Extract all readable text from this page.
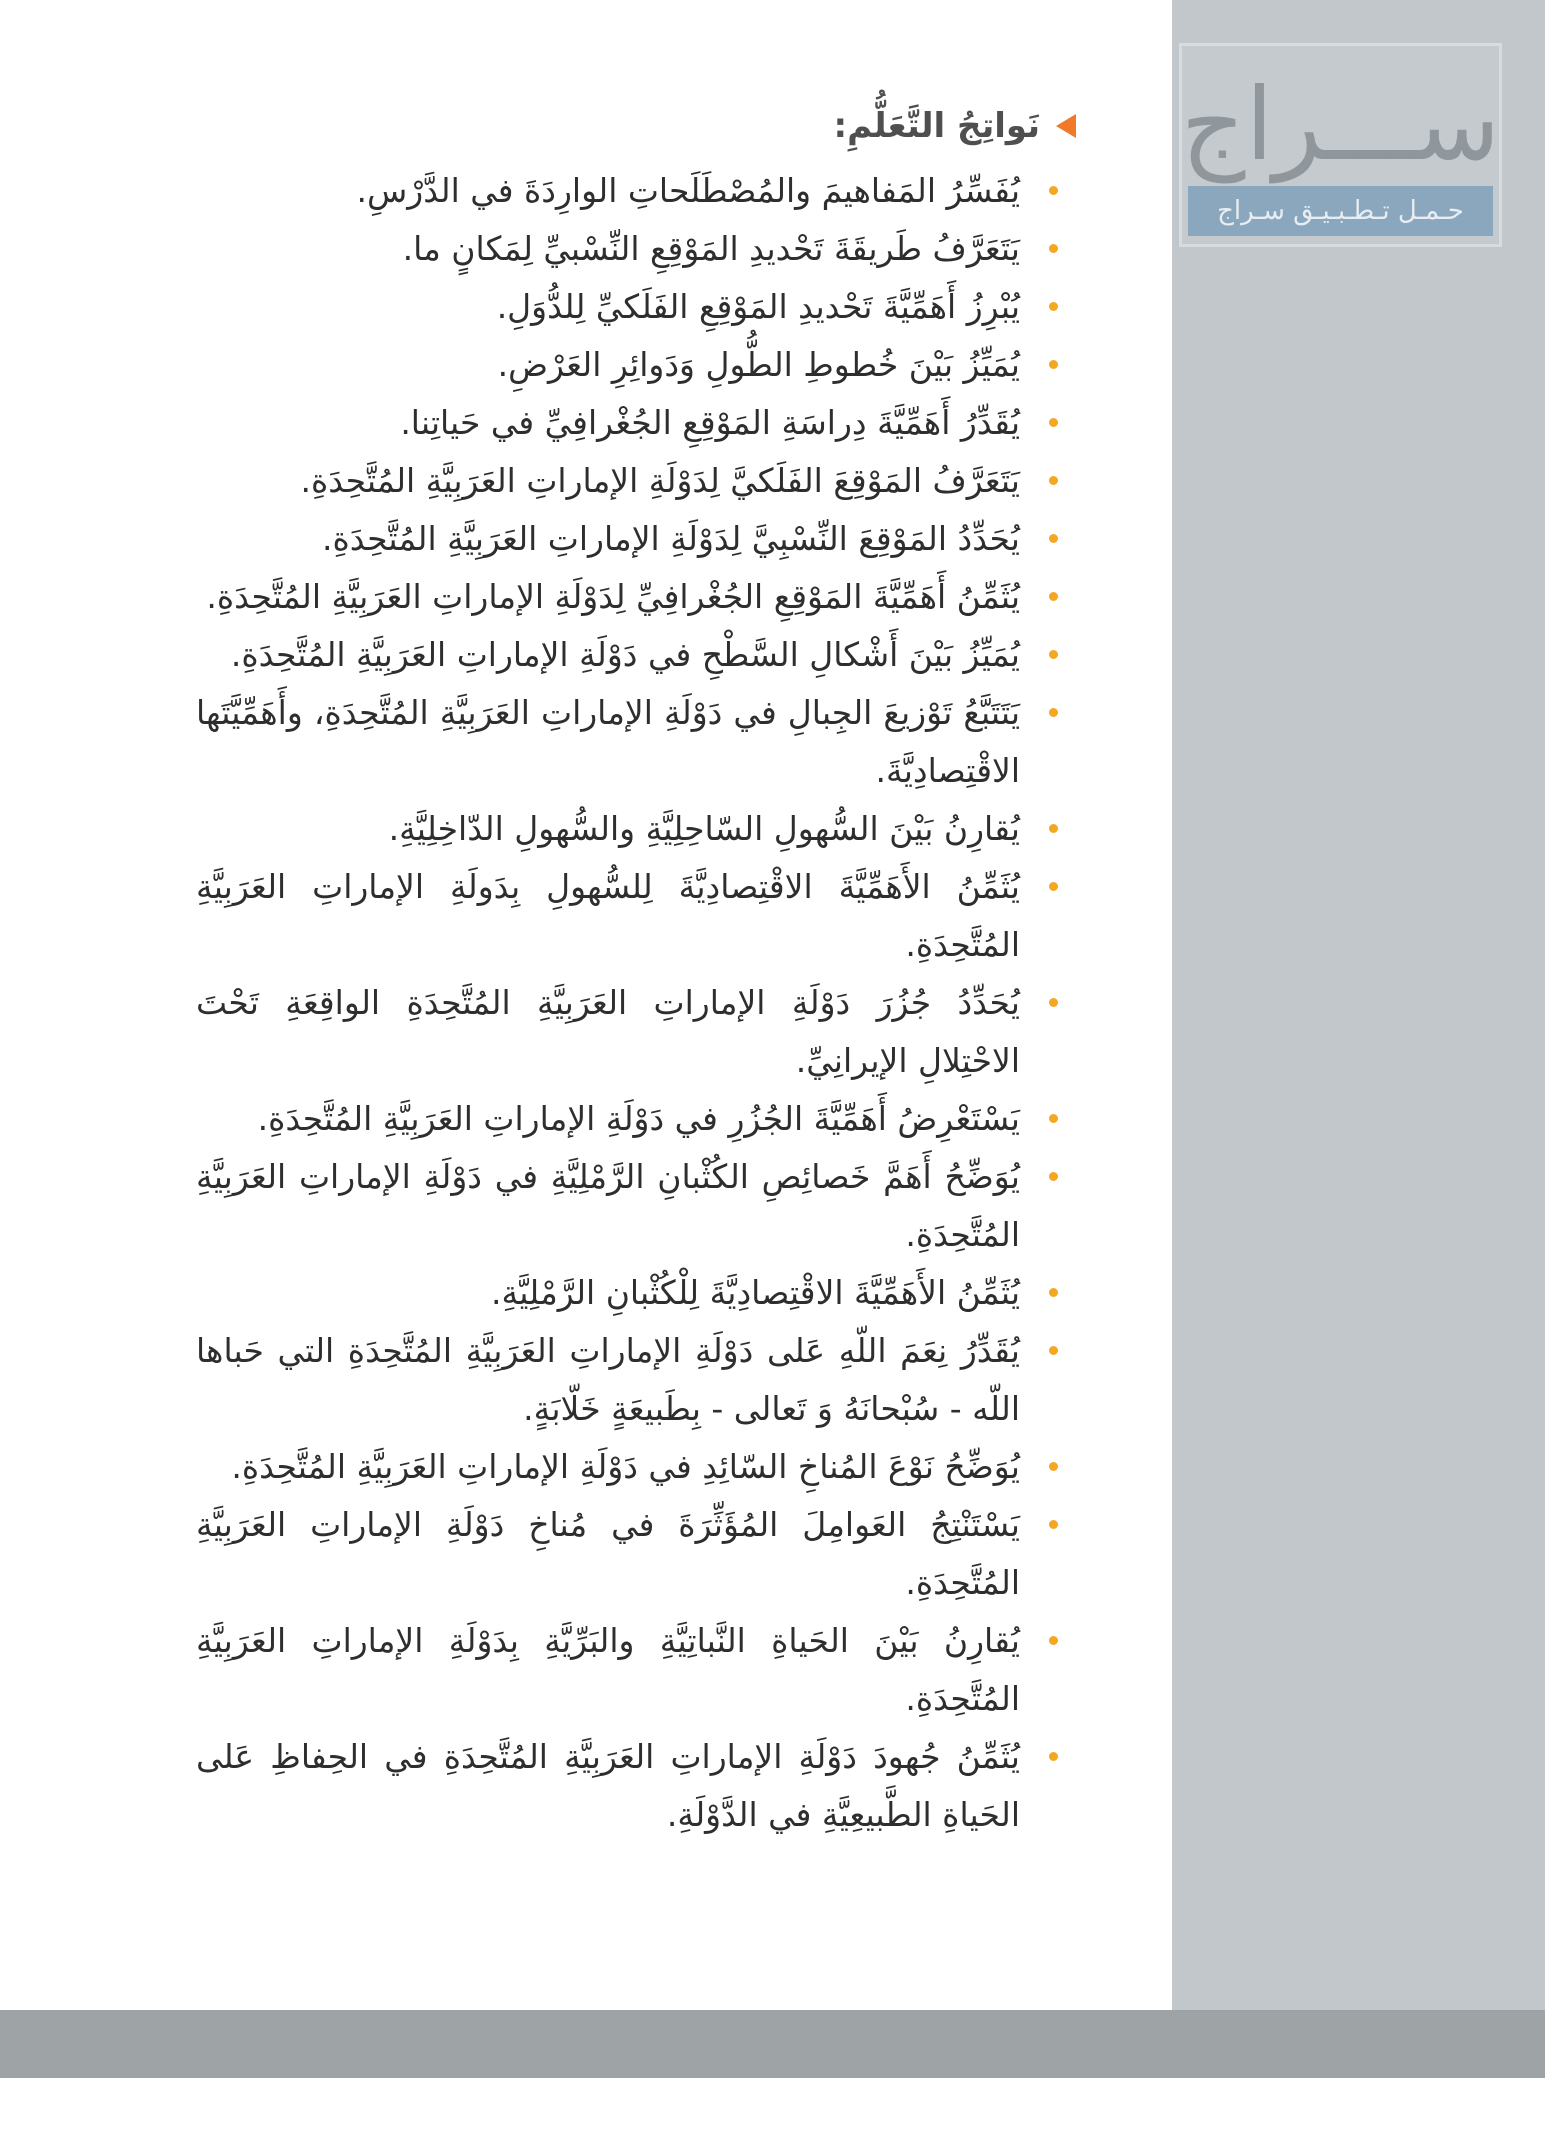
ســـراج
حـمـل تـطـبـيـق سـراج
نَواتِجُ التَّعَلُّمِ:
يُفَسِّرُ المَفاهيمَ والمُصْطَلَحاتِ الوارِدَةَ في الدَّرْسِ.
يَتَعَرَّفُ طَريقَةَ تَحْديدِ المَوْقِعِ النِّسْبيِّ لِمَكانٍ ما.
يُبْرِزُ أَهَمِّيَّةَ تَحْديدِ المَوْقِعِ الفَلَكيِّ لِلدُّوَلِ.
يُمَيِّزُ بَيْنَ خُطوطِ الطُّولِ وَدَوائِرِ العَرْضِ.
يُقَدِّرُ أَهَمِّيَّةَ دِراسَةِ المَوْقِعِ الجُغْرافِيِّ في حَياتِنا.
يَتَعَرَّفُ المَوْقِعَ الفَلَكيَّ لِدَوْلَةِ الإماراتِ العَرَبِيَّةِ المُتَّحِدَةِ.
يُحَدِّدُ المَوْقِعَ النِّسْبِيَّ لِدَوْلَةِ الإماراتِ العَرَبِيَّةِ المُتَّحِدَةِ.
يُثَمِّنُ أَهَمِّيَّةَ المَوْقِعِ الجُغْرافِيِّ لِدَوْلَةِ الإماراتِ العَرَبِيَّةِ المُتَّحِدَةِ.
يُمَيِّزُ بَيْنَ أَشْكالِ السَّطْحِ في دَوْلَةِ الإماراتِ العَرَبِيَّةِ المُتَّحِدَةِ.
يَتَتَبَّعُ تَوْزيعَ الجِبالِ في دَوْلَةِ الإماراتِ العَرَبِيَّةِ المُتَّحِدَةِ، وأَهَمِّيَّتَها الاقْتِصادِيَّةَ.
يُقارِنُ بَيْنَ السُّهولِ السّاحِلِيَّةِ والسُّهولِ الدّاخِلِيَّةِ.
يُثَمِّنُ الأَهَمِّيَّةَ الاقْتِصادِيَّةَ لِلسُّهولِ بِدَولَةِ الإماراتِ العَرَبِيَّةِ المُتَّحِدَةِ.
يُحَدِّدُ جُزُرَ دَوْلَةِ الإماراتِ العَرَبِيَّةِ المُتَّحِدَةِ الواقِعَةِ تَحْتَ الاحْتِلالِ الإيرانِيِّ.
يَسْتَعْرِضُ أَهَمِّيَّةَ الجُزُرِ في دَوْلَةِ الإماراتِ العَرَبِيَّةِ المُتَّحِدَةِ.
يُوَضِّحُ أَهَمَّ خَصائِصِ الكُثْبانِ الرَّمْلِيَّةِ في دَوْلَةِ الإماراتِ العَرَبِيَّةِ المُتَّحِدَةِ.
يُثَمِّنُ الأَهَمِّيَّةَ الاقْتِصادِيَّةَ لِلْكُثْبانِ الرَّمْلِيَّةِ.
يُقَدِّرُ نِعَمَ اللّهِ عَلى دَوْلَةِ الإماراتِ العَرَبِيَّةِ المُتَّحِدَةِ التي حَباها اللّه - سُبْحانَهُ وَ تَعالى - بِطَبيعَةٍ خَلّابَةٍ.
يُوَضِّحُ نَوْعَ المُناخِ السّائِدِ في دَوْلَةِ الإماراتِ العَرَبِيَّةِ المُتَّحِدَةِ.
يَسْتَنْتِجُ العَوامِلَ المُؤَثِّرَةَ في مُناخِ دَوْلَةِ الإماراتِ العَرَبِيَّةِ المُتَّحِدَةِ.
يُقارِنُ بَيْنَ الحَياةِ النَّباتِيَّةِ والبَرِّيَّةِ بِدَوْلَةِ الإماراتِ العَرَبِيَّةِ المُتَّحِدَةِ.
يُثَمِّنُ جُهودَ دَوْلَةِ الإماراتِ العَرَبِيَّةِ المُتَّحِدَةِ في الحِفاظِ عَلى الحَياةِ الطَّبيعِيَّةِ في الدَّوْلَةِ.
